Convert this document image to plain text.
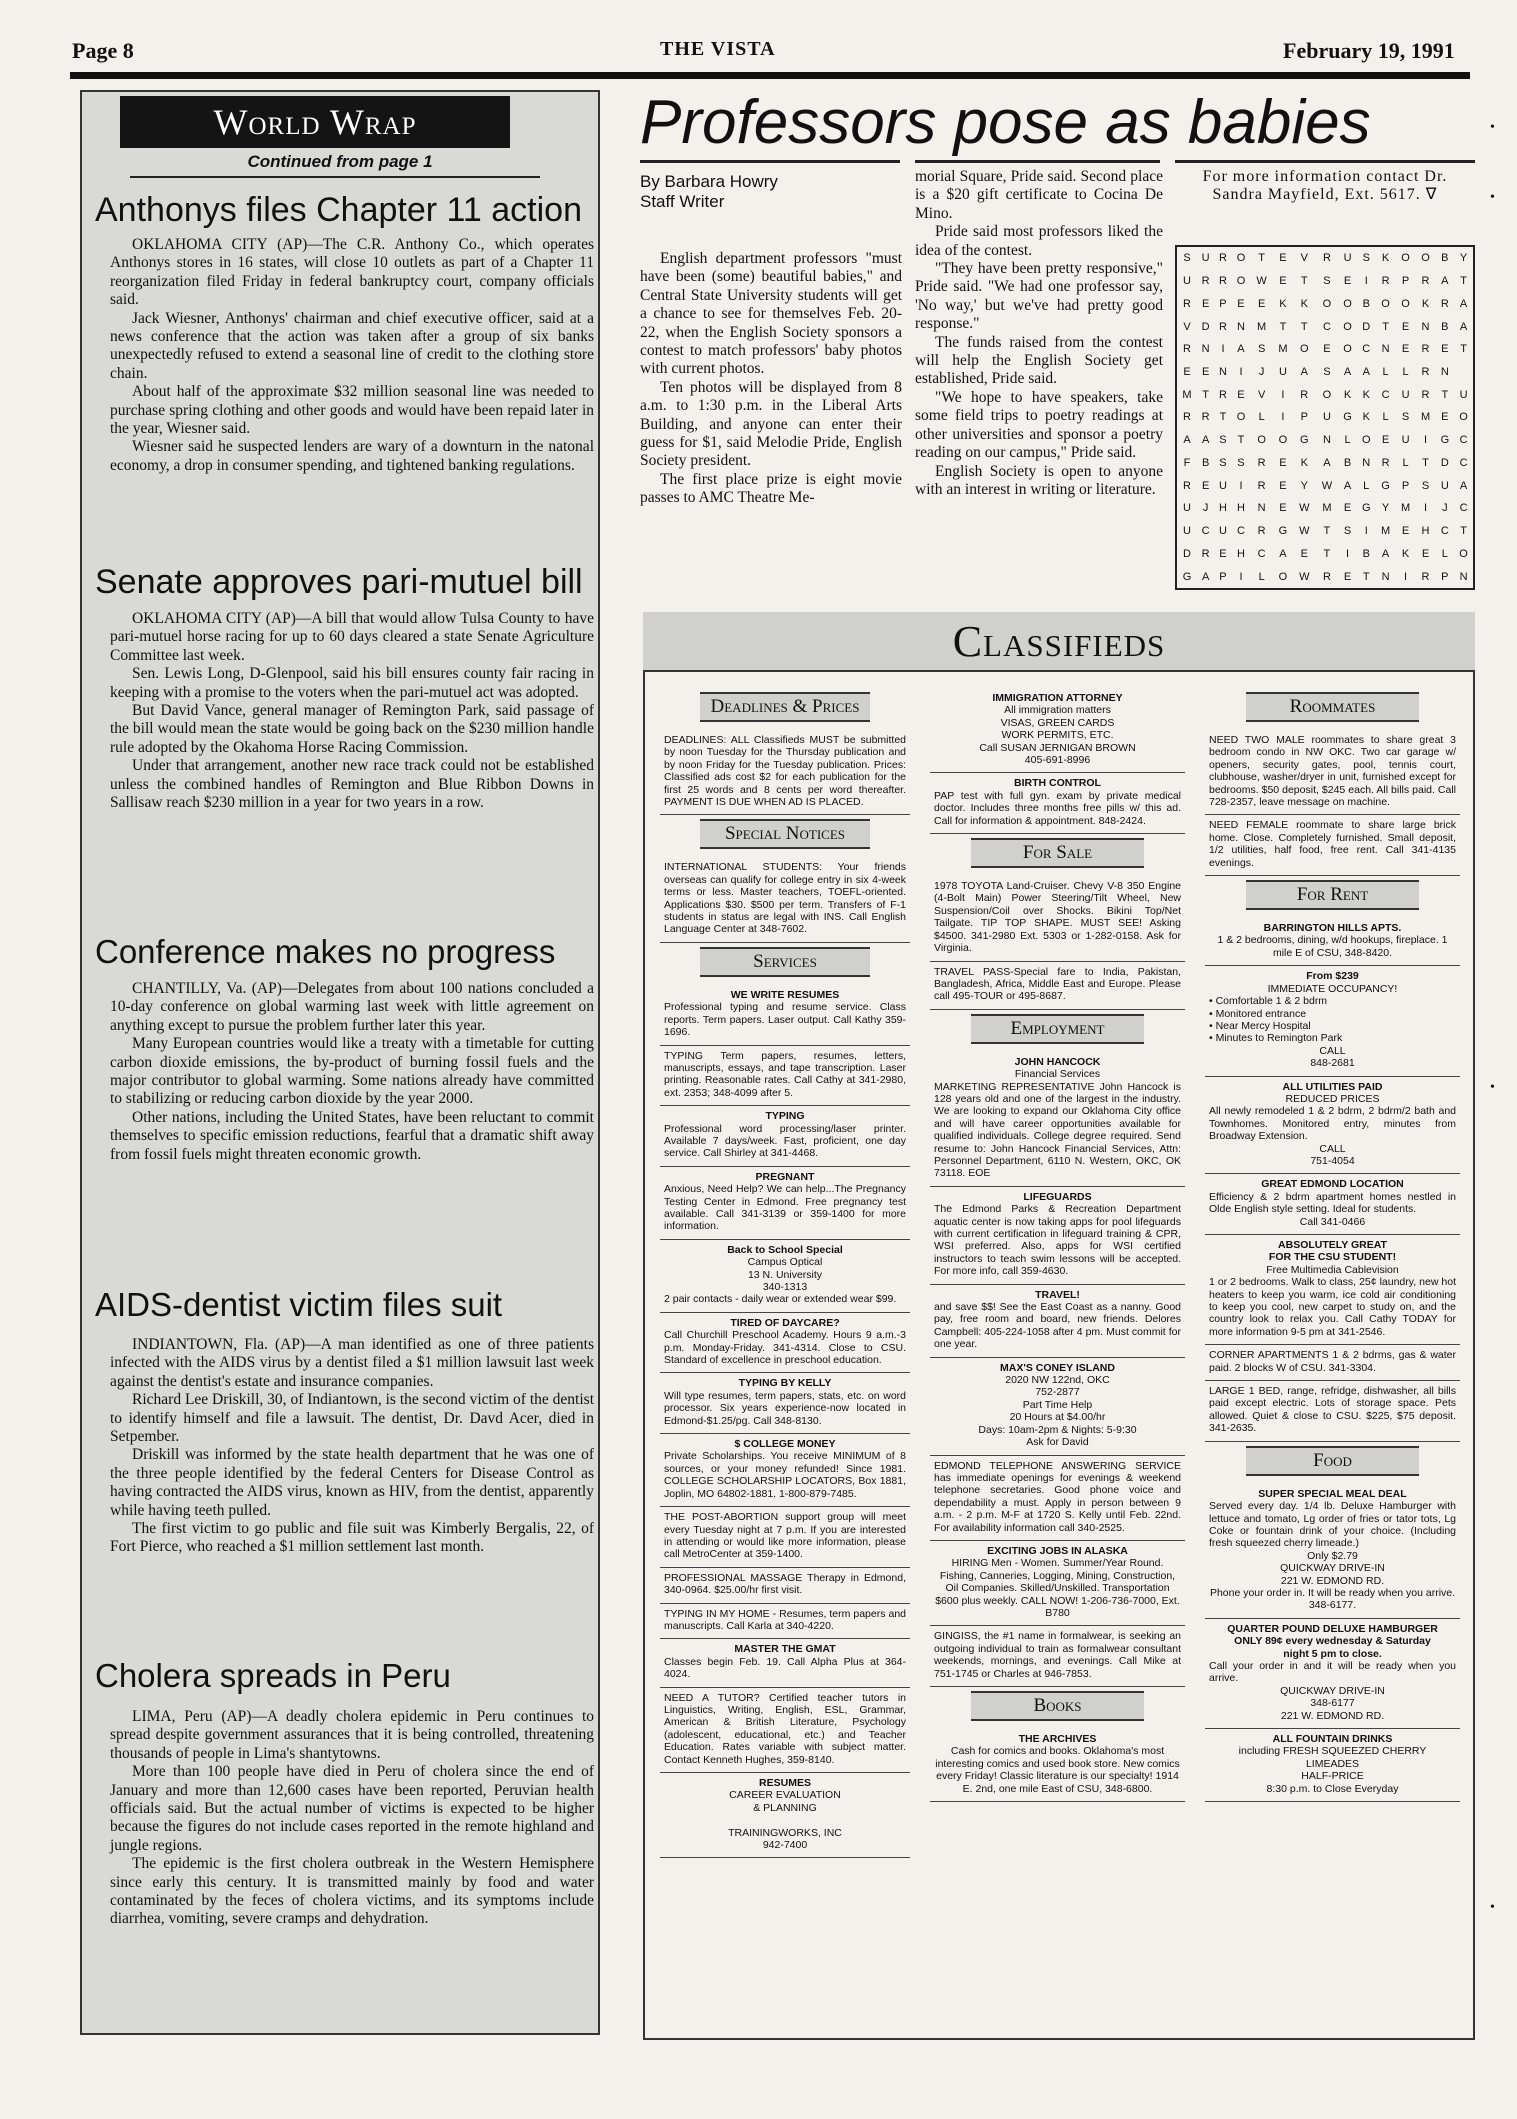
Page 8	THE VISTA	February 19, 1991
World Wrap
Continued from page 1
Anthonys files Chapter 11 action

OKLAHOMA CITY (AP)—The C.R. Anthony Co., which operates Anthonys stores in 16 states, will close 10 outlets as part of a Chapter 11 reorganization filed Friday in federal bankruptcy court, company officials said.

Jack Wiesner, Anthonys' chairman and chief executive officer, said at a news conference that the action was taken after a group of six banks unexpectedly refused to extend a seasonal line of credit to the clothing store chain.

About half of the approximate $32 million seasonal line was needed to purchase spring clothing and other goods and would have been repaid later in the year, Wiesner said.

Wiesner said he suspected lenders are wary of a downturn in the natonal economy, a drop in consumer spending, and tightened banking regulations.

Senate approves pari-mutuel bill

OKLAHOMA CITY (AP)—A bill that would allow Tulsa County to have pari-mutuel horse racing for up to 60 days cleared a state Senate Agriculture Committee last week.

Sen. Lewis Long, D-Glenpool, said his bill ensures county fair racing in keeping with a promise to the voters when the pari-mutuel act was adopted.

But David Vance, general manager of Remington Park, said passage of the bill would mean the state would be going back on the $230 million handle rule adopted by the Okahoma Horse Racing Commission.

Under that arrangement, another new race track could not be established unless the combined handles of Remington and Blue Ribbon Downs in Sallisaw reach $230 million in a year for two years in a row.

Conference makes no progress

CHANTILLY, Va. (AP)—Delegates from about 100 nations concluded a 10-day conference on global warming last week with little agreement on anything except to pursue the problem further later this year.

Many European countries would like a treaty with a timetable for cutting carbon dioxide emissions, the by-product of burning fossil fuels and the major contributor to global warming. Some nations already have committed to stabilizing or reducing carbon dioxide by the year 2000.

Other nations, including the United States, have been reluctant to commit themselves to specific emission reductions, fearful that a dramatic shift away from fossil fuels might threaten economic growth.

AIDS-dentist victim files suit

INDIANTOWN, Fla. (AP)—A man identified as one of three patients infected with the AIDS virus by a dentist filed a $1 million lawsuit last week against the dentist's estate and insurance companies.

Richard Lee Driskill, 30, of Indiantown, is the second victim of the dentist to identify himself and file a lawsuit. The dentist, Dr. Davd Acer, died in Setpember.

Driskill was informed by the state health department that he was one of the three people identified by the federal Centers for Disease Control as having contracted the AIDS virus, known as HIV, from the dentist, apparently while having teeth pulled.

The first victim to go public and file suit was Kimberly Bergalis, 22, of Fort Pierce, who reached a $1 million settlement last month.

Cholera spreads in Peru

LIMA, Peru (AP)—A deadly cholera epidemic in Peru continues to spread despite government assurances that it is being controlled, threatening thousands of people in Lima's shantytowns.

More than 100 people have died in Peru of cholera since the end of January and more than 12,600 cases have been reported, Peruvian health officials said. But the actual number of victims is expected to be higher because the figures do not include cases reported in the remote highland and jungle regions.

The epidemic is the first cholera outbreak in the Western Hemisphere since early this century. It is transmitted mainly by food and water contaminated by the feces of cholera victims, and its symptoms include diarrhea, vomiting, severe cramps and dehydration.

Professors pose as babies
By Barbara Howry
Staff Writer

English department professors "must have been (some) beautiful babies," and Central State University students will get a chance to see for themselves Feb. 20-22, when the English Society sponsors a contest to match professors' baby photos with current photos.

Ten photos will be displayed from 8 a.m. to 1:30 p.m. in the Liberal Arts Building, and anyone can enter their guess for $1, said Melodie Pride, English Society president.

The first place prize is eight movie passes to AMC Theatre Me-

morial Square, Pride said. Second place is a $20 gift certificate to Cocina De Mino.

Pride said most professors liked the idea of the contest.

"They have been pretty responsive," Pride said. "We had one professor say, 'No way,' but we've had pretty good response."

The funds raised from the contest will help the English Society get established, Pride said.

"We hope to have speakers, take some field trips to poetry readings at other universities and sponsor a poetry reading on our campus," Pride said.

English Society is open to anyone with an interest in writing or literature.

For more information contact Dr. Sandra Mayfield, Ext. 5617. ∇
S	U	R	O	T	E	V	R	U	S	K	O	O	B	Y
U	R	R	O	W	E	T	S	E	I	R	P	R	A	T
R	E	P	E	E	K	K	O	O	B	O	O	K	R	A
V	D	R	N	M	T	T	C	O	D	T	E	N	B	A
R	N	I	A	S	M	O	E	O	C	N	E	R	E	T
E	E	N	I	J	U	A	S	A	A	L	L	R	N	
M	T	R	E	V	I	R	O	K	K	C	U	R	T	U
R	R	T	O	L	I	P	U	G	K	L	S	M	E	O
A	A	S	T	O	O	G	N	L	O	E	U	I	G	C
F	B	S	S	R	E	K	A	B	N	R	L	T	D	C
R	E	U	I	R	E	Y	W	A	L	G	P	S	U	A
U	J	H	H	N	E	W	M	E	G	Y	M	I	J	C
U	C	U	C	R	G	W	T	S	I	M	E	H	C	T
D	R	E	H	C	A	E	T	I	B	A	K	E	L	O
G	A	P	I	L	O	W	R	E	T	N	I	R	P	N
Classifieds
Deadlines & Prices
DEADLINES: ALL Classifieds MUST be submitted by noon Tuesday for the Thursday publication and by noon Friday for the Tuesday publication. Prices: Classified ads cost $2 for each publication for the first 25 words and 8 cents per word thereafter. PAYMENT IS DUE WHEN AD IS PLACED.
Special Notices
INTERNATIONAL STUDENTS: Your friends overseas can qualify for college entry in six 4-week terms or less. Master teachers, TOEFL-oriented. Applications $30. $500 per term. Transfers of F-1 students in status are legal with INS. Call English Language Center at 348-7602.
Services
WE WRITE RESUMES
Professional typing and resume service. Class reports. Term papers. Laser output. Call Kathy 359-1696.
TYPING Term papers, resumes, letters, manuscripts, essays, and tape transcription. Laser printing. Reasonable rates. Call Cathy at 341-2980, ext. 2353; 348-4099 after 5.
TYPING
Professional word processing/laser printer. Available 7 days/week. Fast, proficient, one day service. Call Shirley at 341-4468.
PREGNANT
Anxious, Need Help? We can help...The Pregnancy Testing Center in Edmond. Free pregnancy test available. Call 341-3139 or 359-1400 for more information.
Back to School Special
Campus Optical
13 N. University
340-1313
2 pair contacts - daily wear or extended wear $99.
TIRED OF DAYCARE?
Call Churchill Preschool Academy. Hours 9 a.m.-3 p.m. Monday-Friday. 341-4314. Close to CSU. Standard of excellence in preschool education.
TYPING BY KELLY
Will type resumes, term papers, stats, etc. on word processor. Six years experience-now located in Edmond-$1.25/pg. Call 348-8130.
$ COLLEGE MONEY
Private Scholarships. You receive MINIMUM of 8 sources, or your money refunded! Since 1981. COLLEGE SCHOLARSHIP LOCATORS, Box 1881, Joplin, MO 64802-1881. 1-800-879-7485.
THE POST-ABORTION support group will meet every Tuesday night at 7 p.m. If you are interested in attending or would like more information, please call MetroCenter at 359-1400.
PROFESSIONAL MASSAGE Therapy in Edmond, 340-0964. $25.00/hr first visit.
TYPING IN MY HOME - Resumes, term papers and manuscripts. Call Karla at 340-4220.
MASTER THE GMAT
Classes begin Feb. 19. Call Alpha Plus at 364-4024.
NEED A TUTOR? Certified teacher tutors in Linguistics, Writing, English, ESL, Grammar, American & British Literature, Psychology (adolescent, educational, etc.) and Teacher Education. Rates variable with subject matter. Contact Kenneth Hughes, 359-8140.
RESUMES
CAREER EVALUATION
& PLANNING

TRAININGWORKS, INC
942-7400
IMMIGRATION ATTORNEY
All immigration matters
VISAS, GREEN CARDS
WORK PERMITS, ETC.
Call SUSAN JERNIGAN BROWN
405-691-8996
BIRTH CONTROL
PAP test with full gyn. exam by private medical doctor. Includes three months free pills w/ this ad. Call for information & appointment. 848-2424.
For Sale
1978 TOYOTA Land-Cruiser. Chevy V-8 350 Engine (4-Bolt Main) Power Steering/Tilt Wheel, New Suspension/Coil over Shocks. Bikini Top/Net Tailgate. TIP TOP SHAPE. MUST SEE! Asking $4500. 341-2980 Ext. 5303 or 1-282-0158. Ask for Virginia.
TRAVEL PASS-Special fare to India, Pakistan, Bangladesh, Africa, Middle East and Europe. Please call 495-TOUR or 495-8687.
Employment
JOHN HANCOCK
Financial Services
MARKETING REPRESENTATIVE John Hancock is 128 years old and one of the largest in the industry. We are looking to expand our Oklahoma City office and will have career opportunities available for qualified individuals. College degree required. Send resume to: John Hancock Financial Services, Attn: Personnel Department, 6110 N. Western, OKC, OK 73118. EOE
LIFEGUARDS
The Edmond Parks & Recreation Department aquatic center is now taking apps for pool lifeguards with current certification in lifeguard training & CPR, WSI preferred. Also, apps for WSI certified instructors to teach swim lessons will be accepted. For more info, call 359-4630.
TRAVEL!
and save $$! See the East Coast as a nanny. Good pay, free room and board, new friends. Delores Campbell: 405-224-1058 after 4 pm. Must commit for one year.
MAX'S CONEY ISLAND
2020 NW 122nd, OKC
752-2877
Part Time Help
20 Hours at $4.00/hr
Days: 10am-2pm & Nights: 5-9:30
Ask for David
EDMOND TELEPHONE ANSWERING SERVICE has immediate openings for evenings & weekend telephone secretaries. Good phone voice and dependability a must. Apply in person between 9 a.m. - 2 p.m. M-F at 1720 S. Kelly until Feb. 22nd. For availability information call 340-2525.
EXCITING JOBS IN ALASKA
HIRING Men - Women. Summer/Year Round. Fishing, Canneries, Logging, Mining, Construction, Oil Companies. Skilled/Unskilled. Transportation $600 plus weekly. CALL NOW! 1-206-736-7000, Ext. B780
GINGISS, the #1 name in formalwear, is seeking an outgoing individual to train as formalwear consultant weekends, mornings, and evenings. Call Mike at 751-1745 or Charles at 946-7853.
Books
THE ARCHIVES
Cash for comics and books. Oklahoma's most interesting comics and used book store. New comics every Friday! Classic literature is our specialty! 1914 E. 2nd, one mile East of CSU, 348-6800.
Roommates
NEED TWO MALE roommates to share great 3 bedroom condo in NW OKC. Two car garage w/ openers, security gates, pool, tennis court, clubhouse, washer/dryer in unit, furnished except for bedrooms. $50 deposit, $245 each. All bills paid. Call 728-2357, leave message on machine.
NEED FEMALE roommate to share large brick home. Close. Completely furnished. Small deposit, 1/2 utilities, half food, free rent. Call 341-4135 evenings.
For Rent
BARRINGTON HILLS APTS.
1 & 2 bedrooms, dining, w/d hookups, fireplace. 1 mile E of CSU, 348-8420.
From $239
IMMEDIATE OCCUPANCY!
• Comfortable 1 & 2 bdrm
• Monitored entrance
• Near Mercy Hospital
• Minutes to Remington Park
CALL
848-2681
ALL UTILITIES PAID
REDUCED PRICES
All newly remodeled 1 & 2 bdrm, 2 bdrm/2 bath and Townhomes. Monitored entry, minutes from Broadway Extension.
CALL
751-4054
GREAT EDMOND LOCATION
Efficiency & 2 bdrm apartment homes nestled in Olde English style setting. Ideal for students.
Call 341-0466
ABSOLUTELY GREAT
FOR THE CSU STUDENT!
Free Multimedia Cablevision
1 or 2 bedrooms. Walk to class, 25¢ laundry, new hot heaters to keep you warm, ice cold air conditioning to keep you cool, new carpet to study on, and the country look to relax you. Call Cathy TODAY for more information 9-5 pm at 341-2546.
CORNER APARTMENTS 1 & 2 bdrms, gas & water paid. 2 blocks W of CSU. 341-3304.
LARGE 1 BED, range, refridge, dishwasher, all bills paid except electric. Lots of storage space. Pets allowed. Quiet & close to CSU. $225, $75 deposit. 341-2635.
Food
SUPER SPECIAL MEAL DEAL
Served every day. 1/4 lb. Deluxe Hamburger with lettuce and tomato, Lg order of fries or tator tots, Lg Coke or fountain drink of your choice. (Including fresh squeezed cherry limeade.)
Only $2.79
QUICKWAY DRIVE-IN
221 W. EDMOND RD.
Phone your order in. It will be ready when you arrive. 348-6177.
QUARTER POUND DELUXE HAMBURGER
ONLY 89¢ every wednesday & Saturday
night 5 pm to close.
Call your order in and it will be ready when you arrive.
QUICKWAY DRIVE-IN
348-6177
221 W. EDMOND RD.
ALL FOUNTAIN DRINKS
including FRESH SQUEEZED CHERRY
LIMEADES
HALF-PRICE
8:30 p.m. to Close Everyday
•
•
•
•
